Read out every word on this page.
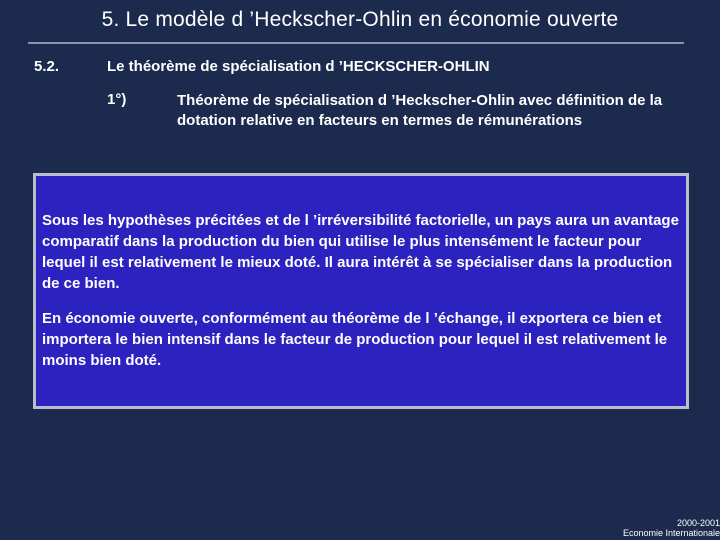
5. Le modèle d ’Heckscher-Ohlin en économie ouverte
5.2.	Le théorème de spécialisation d ’HECKSCHER-OHLIN
1°)	Théorème de spécialisation d ’Heckscher-Ohlin avec définition de la dotation relative en facteurs en termes de rémunérations

Sous les hypothèses précitées et de l ’irréversibilité factorielle, un pays aura un avantage comparatif dans la production du bien qui utilise le plus intensément le facteur pour lequel il est relativement le mieux doté. Il aura intérêt à se spécialiser dans la production de ce bien.

En économie ouverte, conformément au théorème de l ’échange, il exportera ce bien et importera le bien intensif dans le facteur de production pour lequel il est relativement le moins bien doté.

2000-2001
Economie Internationale
